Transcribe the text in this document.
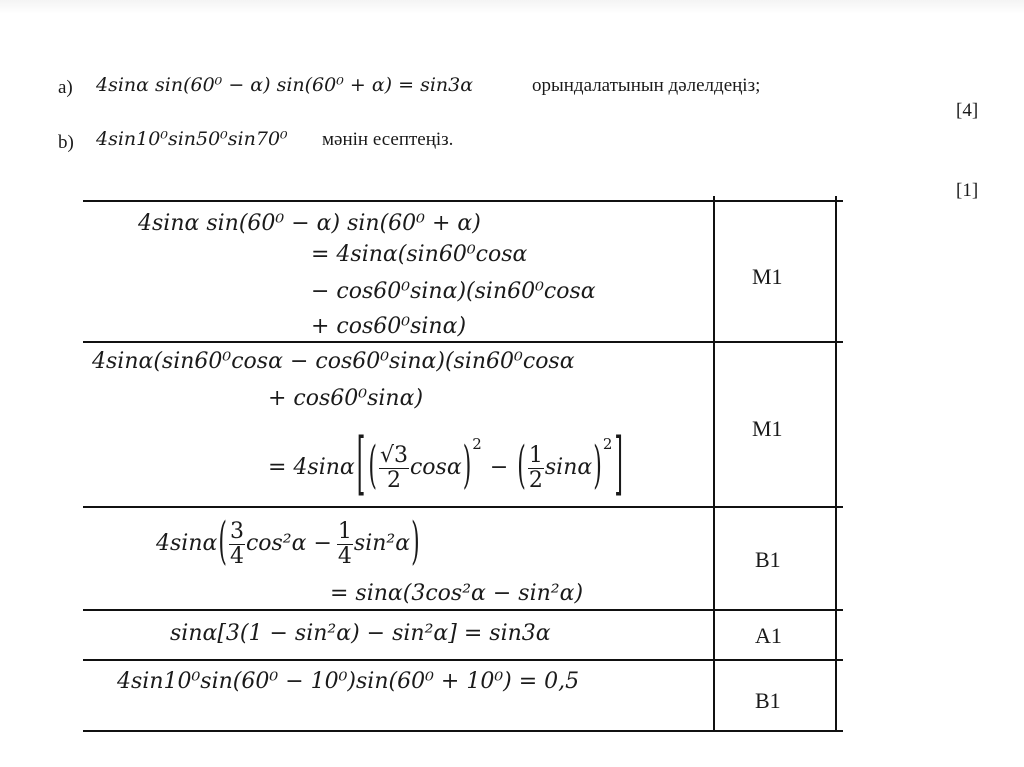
a) 4sinα sin(60⁰ − α) sin(60⁰ + α) = sin3α	орындалатынын дәлелдеңіз;
[4]
b) 4sin10⁰sin50⁰sin70⁰ мәнін есептеңіз.
[1]
4sinα sin(60⁰ − α) sin(60⁰ + α)
= 4sinα(sin60⁰cosα
− cos60⁰sinα)(sin60⁰cosα
+ cos60⁰sinα)
M1
4sinα(sin60⁰cosα − cos60⁰sinα)(sin60⁰cosα
+ cos60⁰sinα)
= 4sinα [ ( $\frac{√3}{2}$ cosα ) 2
− ( $\frac{1}{2}$ sinα ) 2 ]	M1
4sinα ( $\frac{3}{4} \cos^2\alpha - \frac{1}{4} \sin^2\alpha$ )
= sinα(3cos²α − sin²α)
B1
sinα[3(1 − sin²α) − sin²α] = sin3α	A1
4sin10⁰sin(60⁰ − 10⁰)sin(60⁰ + 10⁰) = 0,5
B1
